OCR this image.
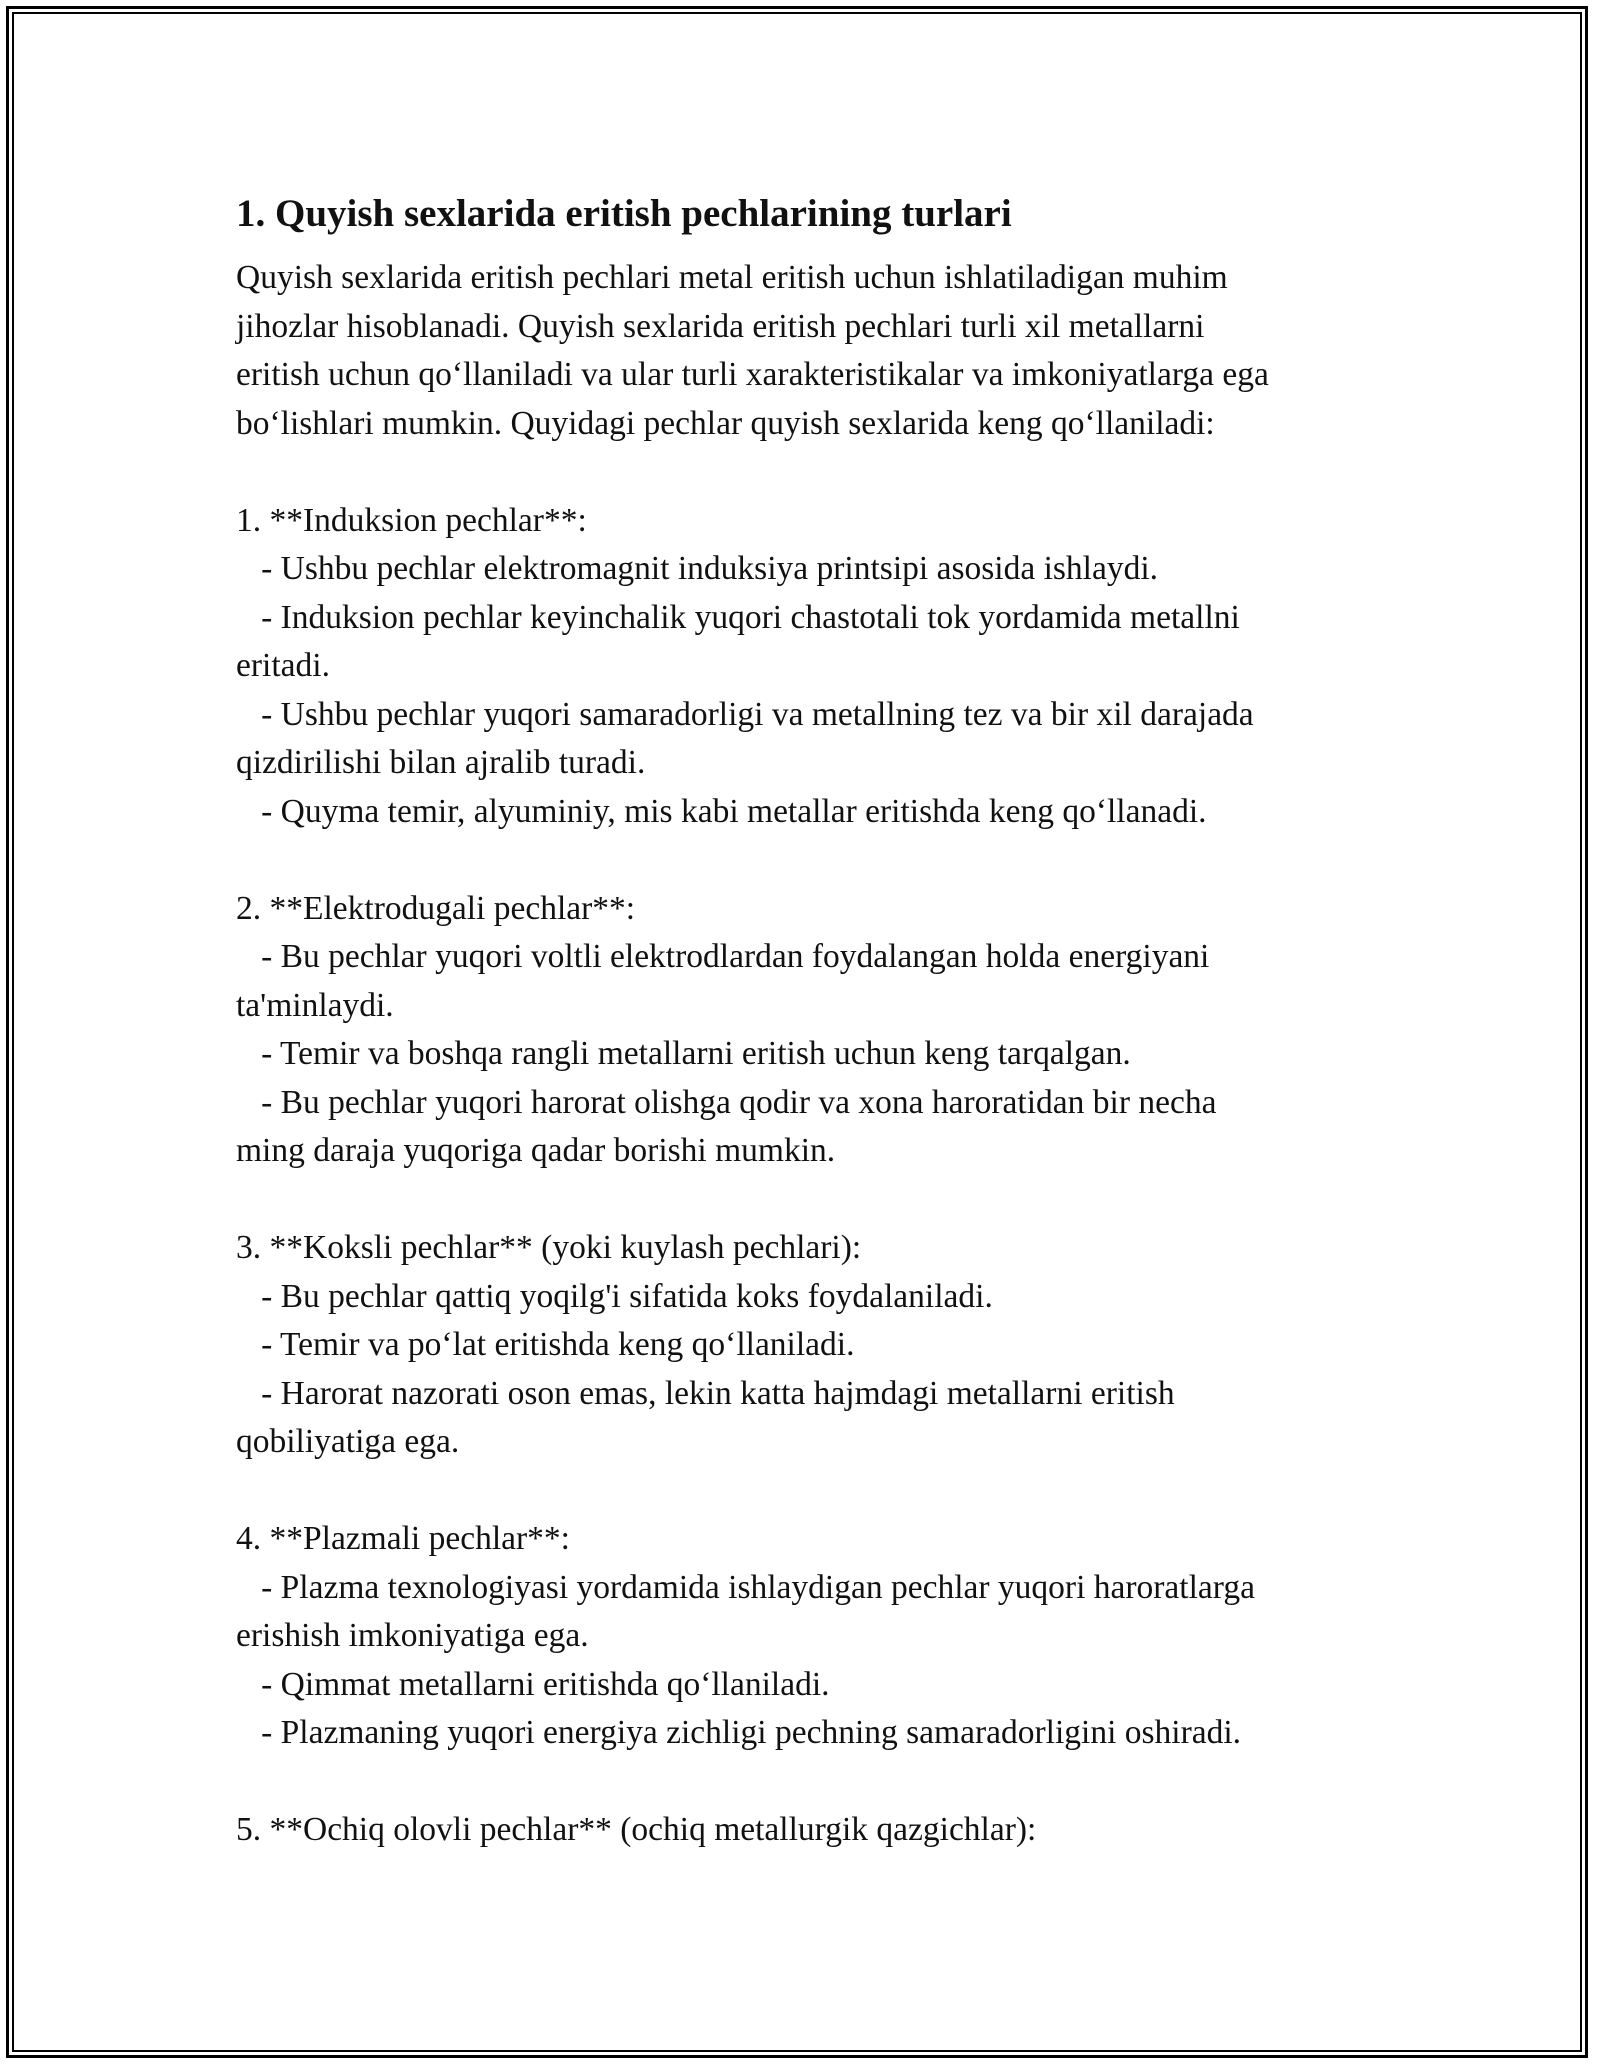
1. Quyish sexlarida eritish pechlarining turlari
Quyish sexlarida eritish pechlari metal eritish uchun ishlatiladigan muhim
jihozlar hisoblanadi. Quyish sexlarida eritish pechlari turli xil metallarni
eritish uchun qo‘llaniladi va ular turli xarakteristikalar va imkoniyatlarga ega
bo‘lishlari mumkin. Quyidagi pechlar quyish sexlarida keng qo‘llaniladi:
1. **Induksion pechlar**:
- Ushbu pechlar elektromagnit induksiya printsipi asosida ishlaydi.
- Induksion pechlar keyinchalik yuqori chastotali tok yordamida metallni
eritadi.
- Ushbu pechlar yuqori samaradorligi va metallning tez va bir xil darajada
qizdirilishi bilan ajralib turadi.
- Quyma temir, alyuminiy, mis kabi metallar eritishda keng qo‘llanadi.
2. **Elektrodugali pechlar**:
- Bu pechlar yuqori voltli elektrodlardan foydalangan holda energiyani
ta'minlaydi.
- Temir va boshqa rangli metallarni eritish uchun keng tarqalgan.
- Bu pechlar yuqori harorat olishga qodir va xona haroratidan bir necha
ming daraja yuqoriga qadar borishi mumkin.
3. **Koksli pechlar** (yoki kuylash pechlari):
- Bu pechlar qattiq yoqilg'i sifatida koks foydalaniladi.
- Temir va po‘lat eritishda keng qo‘llaniladi.
- Harorat nazorati oson emas, lekin katta hajmdagi metallarni eritish
qobiliyatiga ega.
4. **Plazmali pechlar**:
- Plazma texnologiyasi yordamida ishlaydigan pechlar yuqori haroratlarga
erishish imkoniyatiga ega.
- Qimmat metallarni eritishda qo‘llaniladi.
- Plazmaning yuqori energiya zichligi pechning samaradorligini oshiradi.
5. **Ochiq olovli pechlar** (ochiq metallurgik qazgichlar):
